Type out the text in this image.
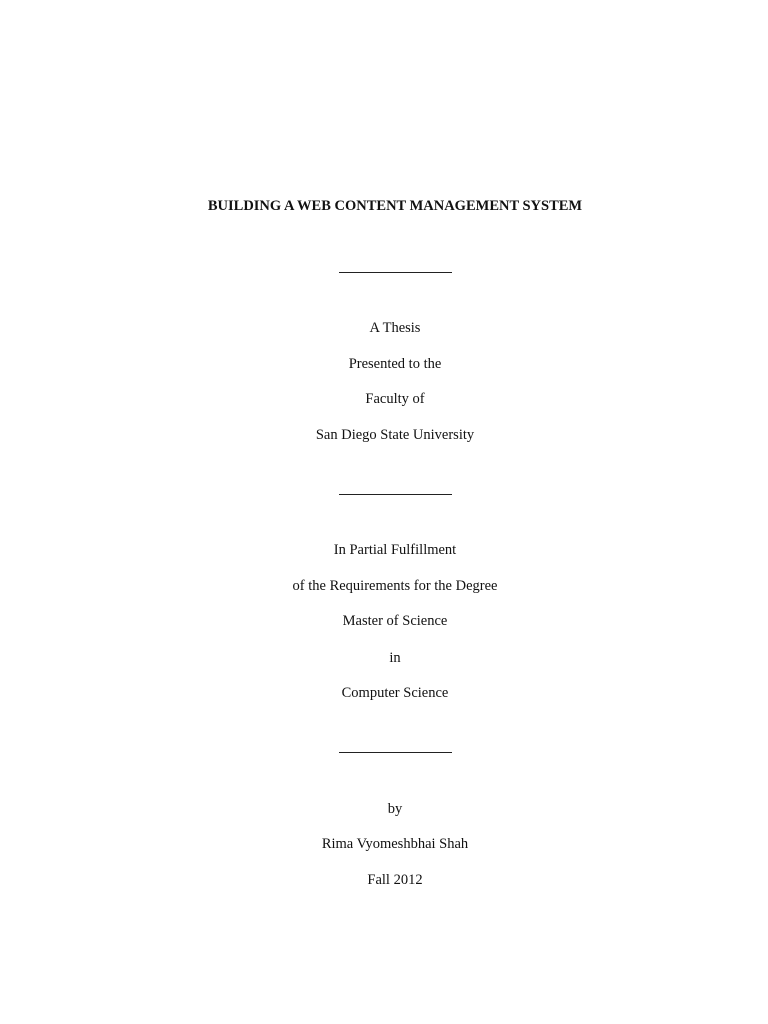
BUILDING A WEB CONTENT MANAGEMENT SYSTEM
A Thesis
Presented to the
Faculty of
San Diego State University
In Partial Fulfillment
of the Requirements for the Degree
Master of Science
in
Computer Science
by
Rima Vyomeshbhai Shah
Fall 2012
